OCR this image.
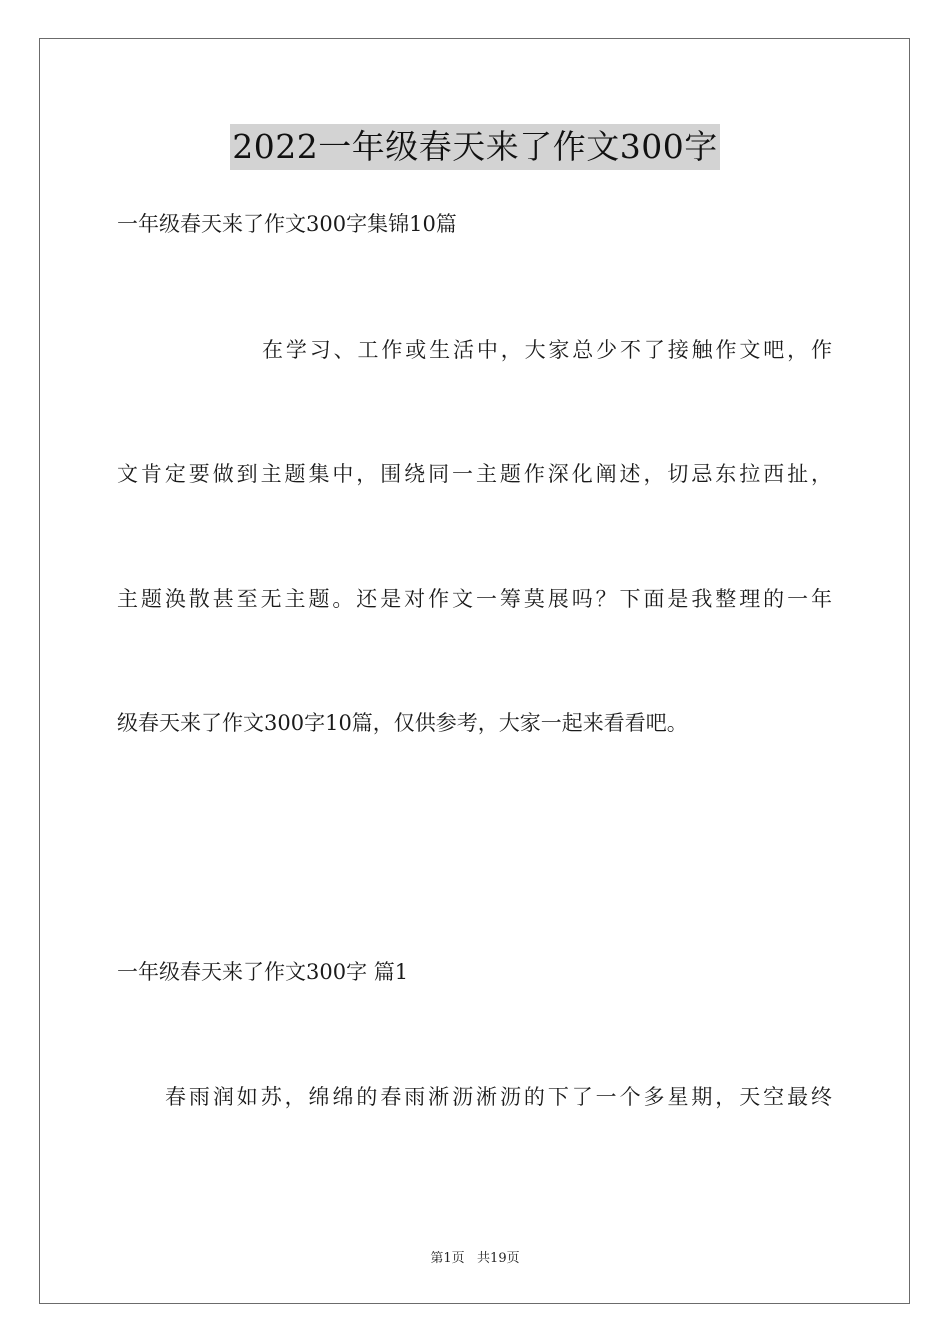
2022一年级春天来了作文300字
一年级春天来了作文300字集锦10篇
在学习、工作或生活中，大家总少不了接触作文吧，作
文肯定要做到主题集中，围绕同一主题作深化阐述，切忌东拉西扯，
主题涣散甚至无主题。还是对作文一筹莫展吗？下面是我整理的一年
级春天来了作文300字10篇，仅供参考，大家一起来看看吧。
一年级春天来了作文300字 篇1
春雨润如苏，绵绵的春雨淅沥淅沥的下了一个多星期，天空最终
第1页   共19页
